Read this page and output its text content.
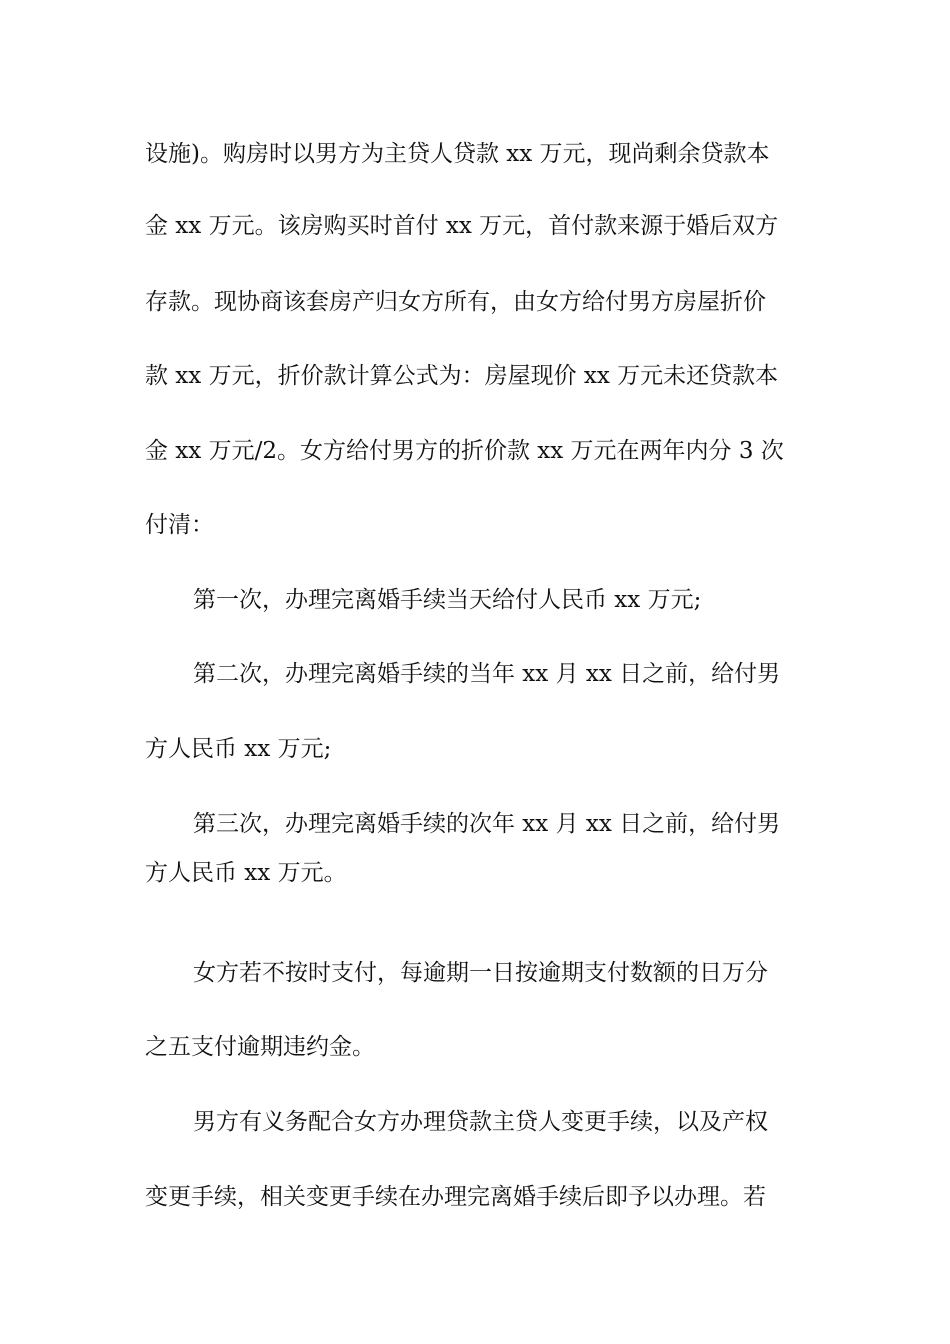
设施)。购房时以男方为主贷人贷款 xx 万元，现尚剩余贷款本
金 xx 万元。该房购买时首付 xx 万元，首付款来源于婚后双方
存款。现协商该套房产归女方所有，由女方给付男方房屋折价
款 xx 万元，折价款计算公式为：房屋现价 xx 万元未还贷款本
金 xx 万元/2。女方给付男方的折价款 xx 万元在两年内分 3 次
付清：
第一次，办理完离婚手续当天给付人民币 xx 万元;
第二次，办理完离婚手续的当年 xx 月 xx 日之前，给付男
方人民币 xx 万元;
第三次，办理完离婚手续的次年 xx 月 xx 日之前，给付男
方人民币 xx 万元。
女方若不按时支付，每逾期一日按逾期支付数额的日万分
之五支付逾期违约金。
男方有义务配合女方办理贷款主贷人变更手续，以及产权
变更手续，相关变更手续在办理完离婚手续后即予以办理。若
